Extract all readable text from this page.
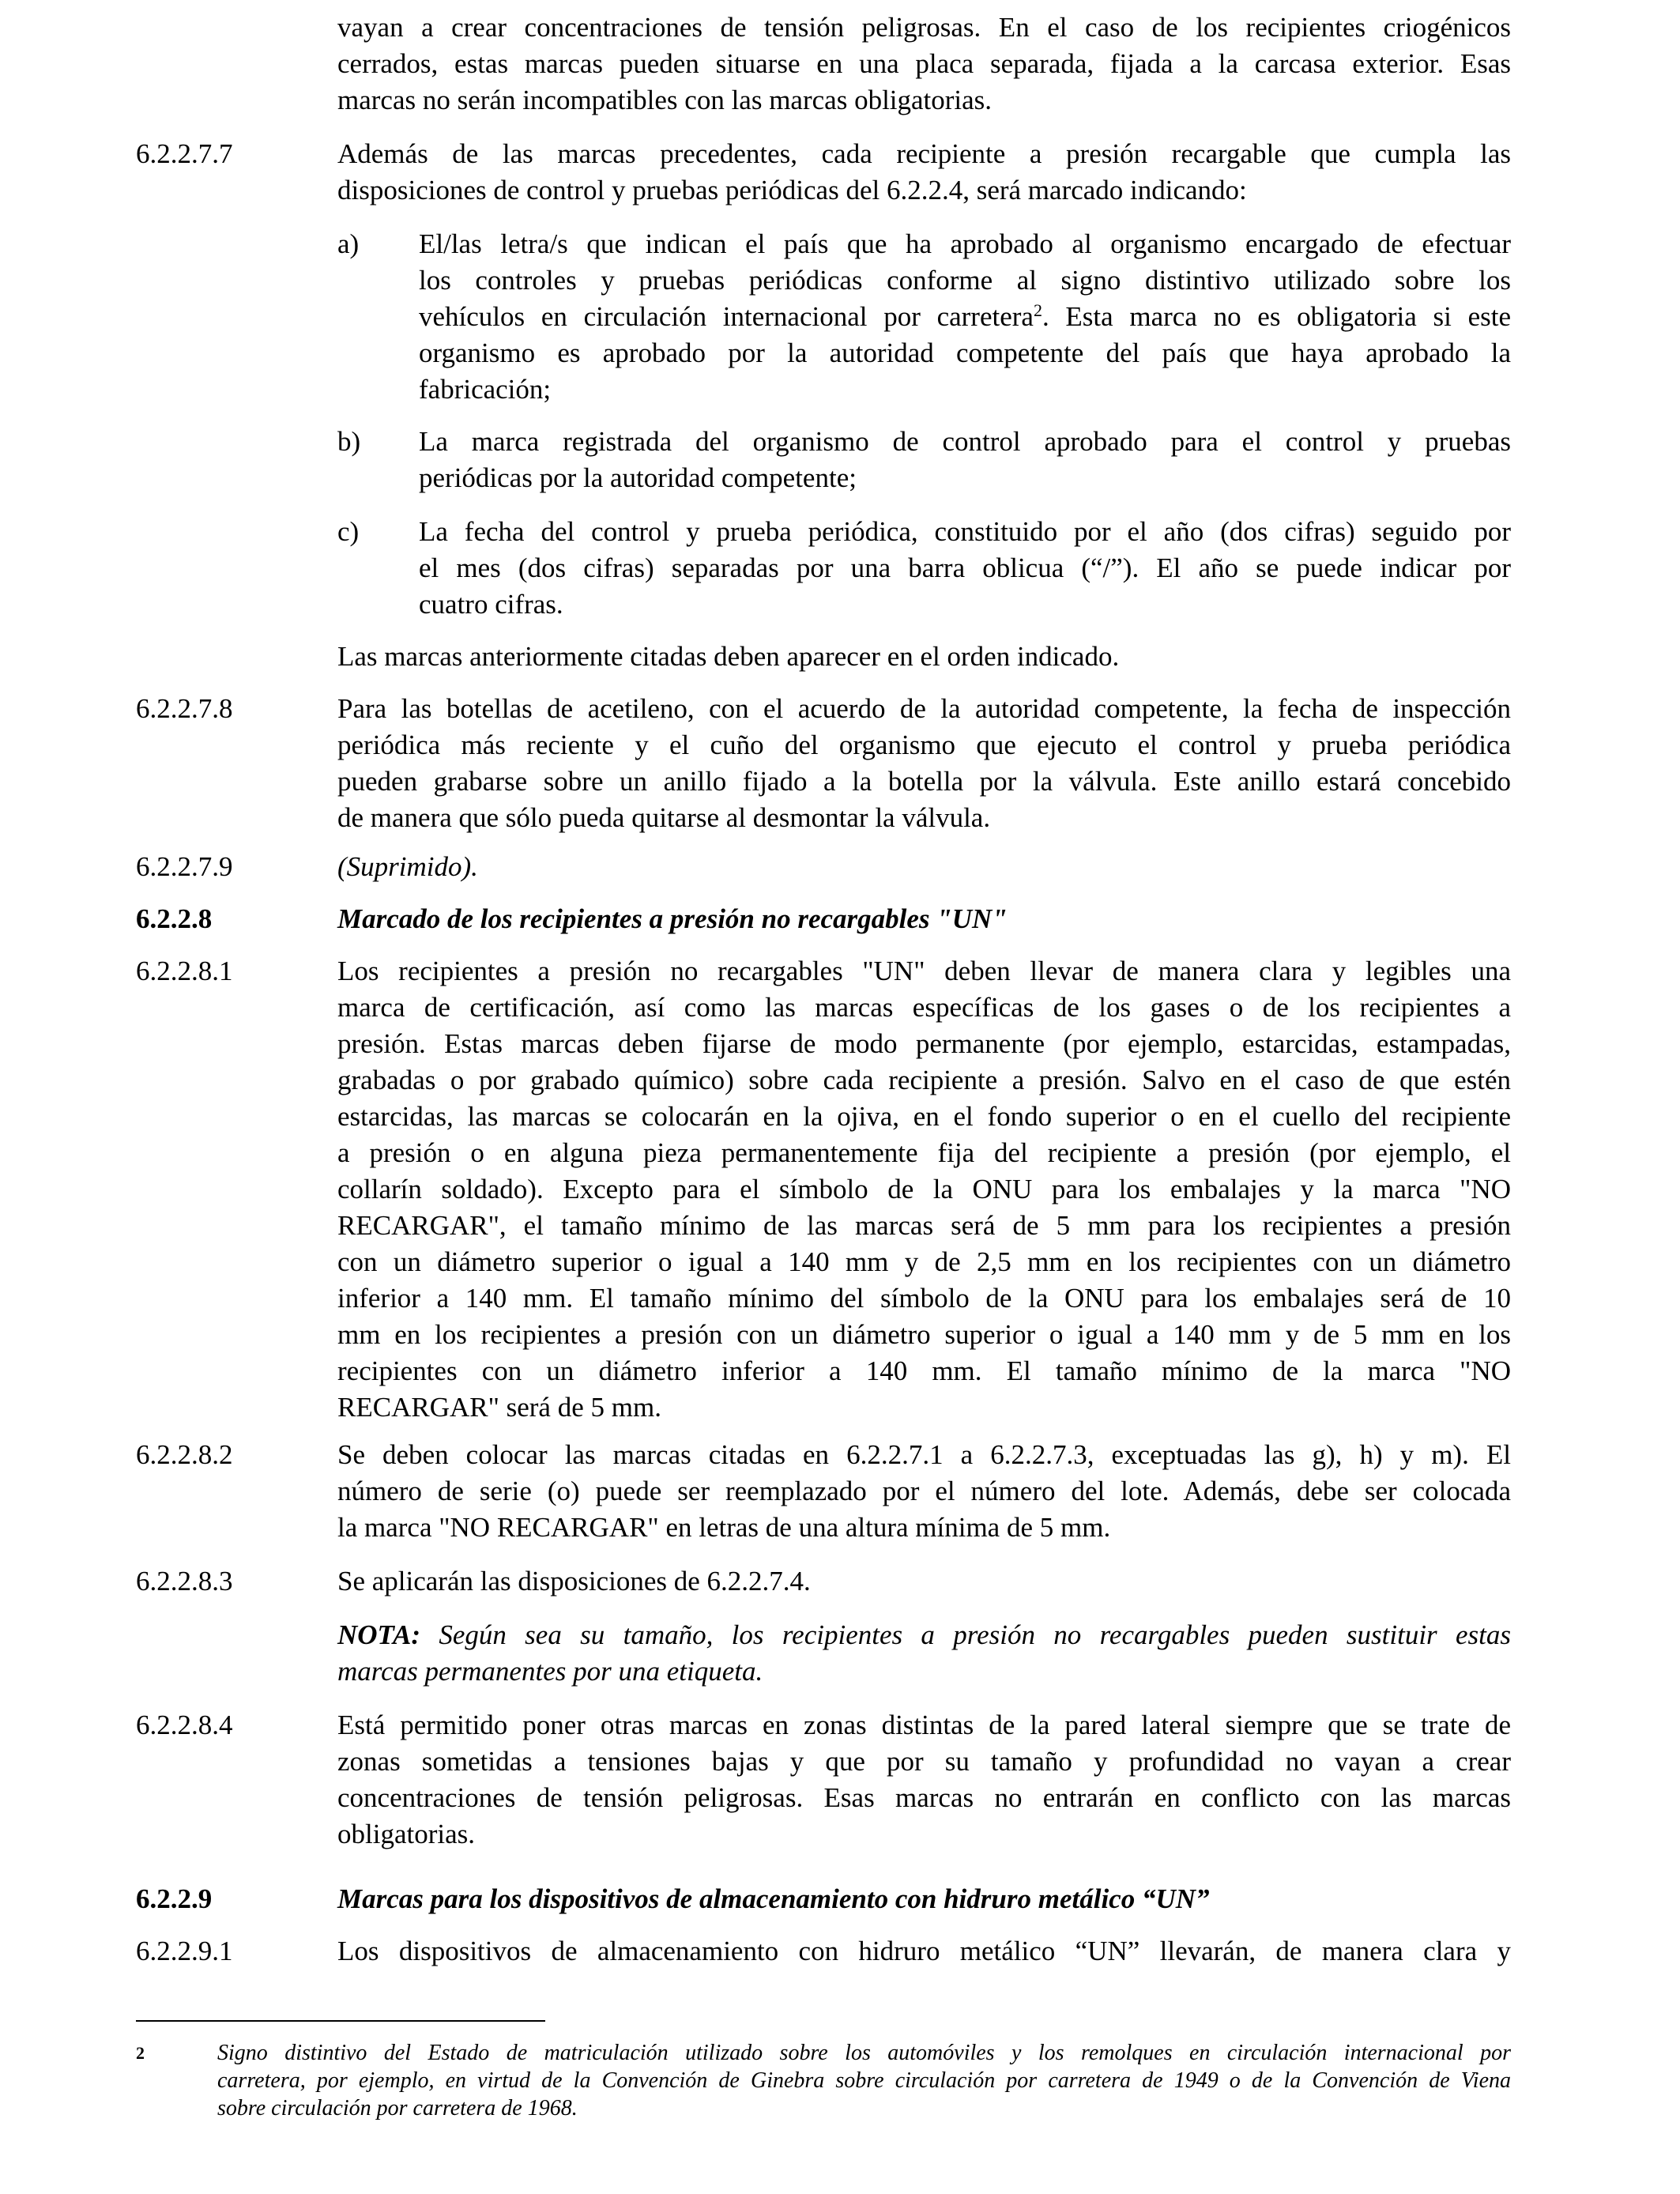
vayan a crear concentraciones de tensión peligrosas. En el caso de los recipientes criogénicos

cerrados, estas marcas pueden situarse en una placa separada, fijada a la carcasa exterior. Esas

marcas no serán incompatibles con las marcas obligatorias.

6.2.2.7.7	Además de las marcas precedentes, cada recipiente a presión recargable que cumpla las

disposiciones de control y pruebas periódicas del 6.2.2.4, será marcado indicando:

a) El/las letra/s que indican el país que ha aprobado al organismo encargado de efectuar

los controles y pruebas periódicas conforme al signo distintivo utilizado sobre los

vehículos en circulación internacional por carretera$^2$. Esta marca no es obligatoria si este

organismo es aprobado por la autoridad competente del país que haya aprobado la

fabricación;

b) La marca registrada del organismo de control aprobado para el control y pruebas

periódicas por la autoridad competente;

c) La fecha del control y prueba periódica, constituido por el año (dos cifras) seguido por

el mes (dos cifras) separadas por una barra oblicua (“/”). El año se puede indicar por

cuatro cifras.

Las marcas anteriormente citadas deben aparecer en el orden indicado.

6.2.2.7.8	Para las botellas de acetileno, con el acuerdo de la autoridad competente, la fecha de inspección

periódica más reciente y el cuño del organismo que ejecuto el control y prueba periódica

pueden grabarse sobre un anillo fijado a la botella por la válvula. Este anillo estará concebido

de manera que sólo pueda quitarse al desmontar la válvula.

6.2.2.7.9	(Suprimido).

6.2.2.8	Marcado de los recipientes a presión no recargables "UN"

6.2.2.8.1	Los recipientes a presión no recargables "UN" deben llevar de manera clara y legibles una

marca de certificación, así como las marcas específicas de los gases o de los recipientes a

presión. Estas marcas deben fijarse de modo permanente (por ejemplo, estarcidas, estampadas,

grabadas o por grabado químico) sobre cada recipiente a presión. Salvo en el caso de que estén

estarcidas, las marcas se colocarán en la ojiva, en el fondo superior o en el cuello del recipiente

a presión o en alguna pieza permanentemente fija del recipiente a presión (por ejemplo, el

collarín soldado). Excepto para el símbolo de la ONU para los embalajes y la marca "NO

RECARGAR", el tamaño mínimo de las marcas será de 5 mm para los recipientes a presión

con un diámetro superior o igual a 140 mm y de 2,5 mm en los recipientes con un diámetro

inferior a 140 mm. El tamaño mínimo del símbolo de la ONU para los embalajes será de 10

mm en los recipientes a presión con un diámetro superior o igual a 140 mm y de 5 mm en los

recipientes con un diámetro inferior a 140 mm. El tamaño mínimo de la marca "NO

RECARGAR" será de 5 mm.

6.2.2.8.2	Se deben colocar las marcas citadas en 6.2.2.7.1 a 6.2.2.7.3, exceptuadas las g), h) y m). El

número de serie (o) puede ser reemplazado por el número del lote. Además, debe ser colocada

la marca "NO RECARGAR" en letras de una altura mínima de 5 mm.

6.2.2.8.3	Se aplicarán las disposiciones de 6.2.2.7.4.

NOTA: Según sea su tamaño, los recipientes a presión no recargables pueden sustituir estas

marcas permanentes por una etiqueta.

6.2.2.8.4	Está permitido poner otras marcas en zonas distintas de la pared lateral siempre que se trate de

zonas sometidas a tensiones bajas y que por su tamaño y profundidad no vayan a crear

concentraciones de tensión peligrosas. Esas marcas no entrarán en conflicto con las marcas

obligatorias.

6.2.2.9	Marcas para los dispositivos de almacenamiento con hidruro metálico “UN”

6.2.2.9.1	Los dispositivos de almacenamiento con hidruro metálico “UN” llevarán, de manera clara y

2	Signo distintivo del Estado de matriculación utilizado sobre los automóviles y los remolques en circulación internacional por
carretera, por ejemplo, en virtud de la Convención de Ginebra sobre circulación por carretera de 1949 o de la Convención de Viena
sobre circulación por carretera de 1968.
